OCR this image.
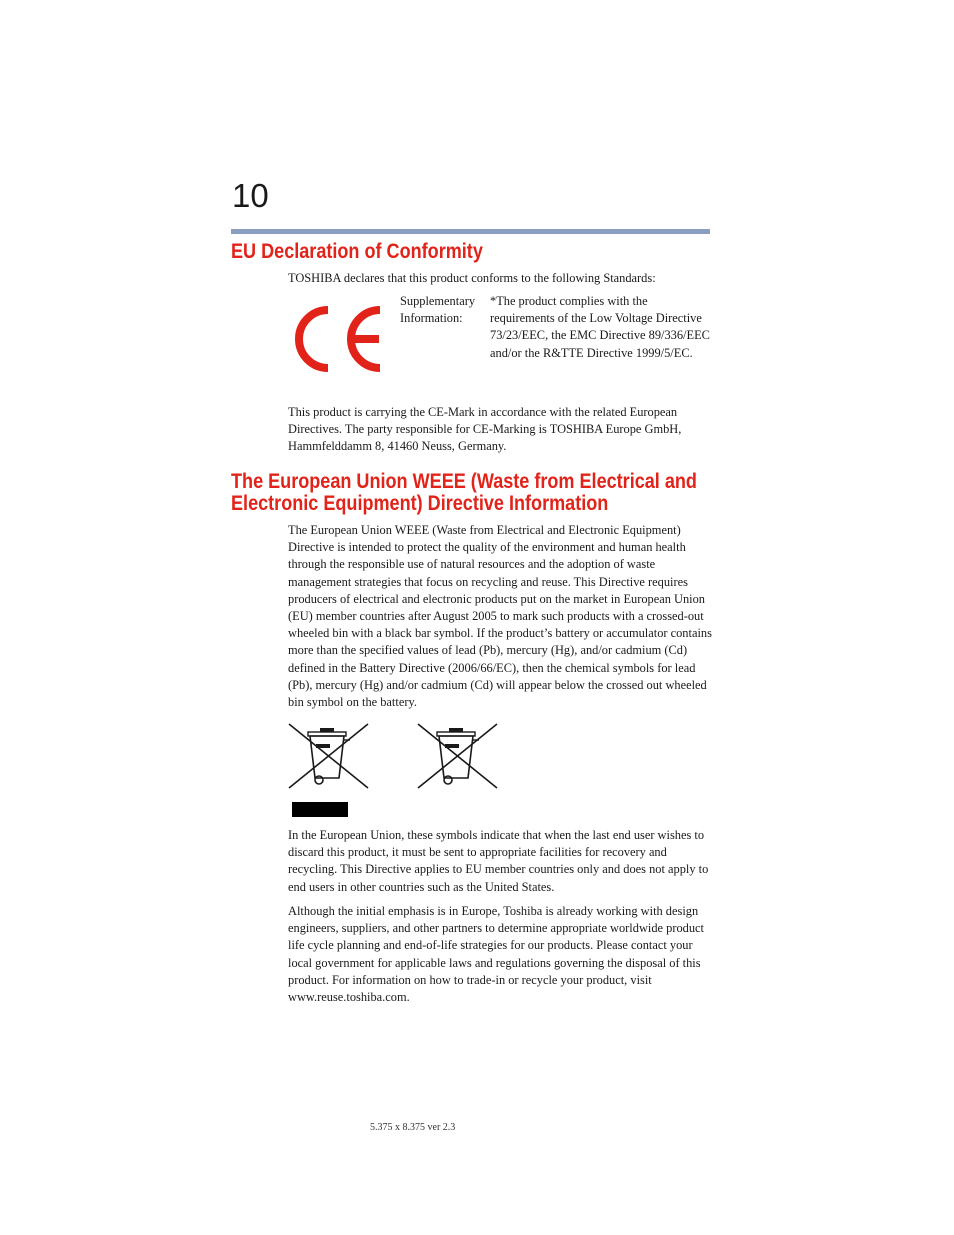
10
EU Declaration of Conformity

TOSHIBA declares that this product conforms to the following Standards:

Supplementary
Information:
*The product complies with the requirements of the Low Voltage Directive 73/23/EEC, the EMC Directive 89/336/EEC and/or the R&TTE Directive 1999/5/EC.

This product is carrying the CE-Mark in accordance with the related European Directives. The party responsible for CE-Marking is TOSHIBA Europe GmbH, Hammfelddamm 8, 41460 Neuss, Germany.

The European Union WEEE (Waste from Electrical and
Electronic Equipment) Directive Information

The European Union WEEE (Waste from Electrical and Electronic Equipment) Directive is intended to protect the quality of the environment and human health through the responsible use of natural resources and the adoption of waste management strategies that focus on recycling and reuse. This Directive requires producers of electrical and electronic products put on the market in European Union (EU) member countries after August 2005 to mark such products with a crossed-out wheeled bin with a black bar symbol. If the product’s battery or accumulator contains more than the specified values of lead (Pb), mercury (Hg), and/or cadmium (Cd) defined in the Battery Directive (2006/66/EC), then the chemical symbols for lead (Pb), mercury (Hg) and/or cadmium (Cd) will appear below the crossed out wheeled bin symbol on the battery.

In the European Union, these symbols indicate that when the last end user wishes to discard this product, it must be sent to appropriate facilities for recovery and recycling. This Directive applies to EU member countries only and does not apply to end users in other countries such as the United States.

Although the initial emphasis is in Europe, Toshiba is already working with design engineers, suppliers, and other partners to determine appropriate worldwide product life cycle planning and end-of-life strategies for our products. Please contact your local government for applicable laws and regulations governing the disposal of this product. For information on how to trade-in or recycle your product, visit www.reuse.toshiba.com.

5.375 x 8.375 ver 2.3
